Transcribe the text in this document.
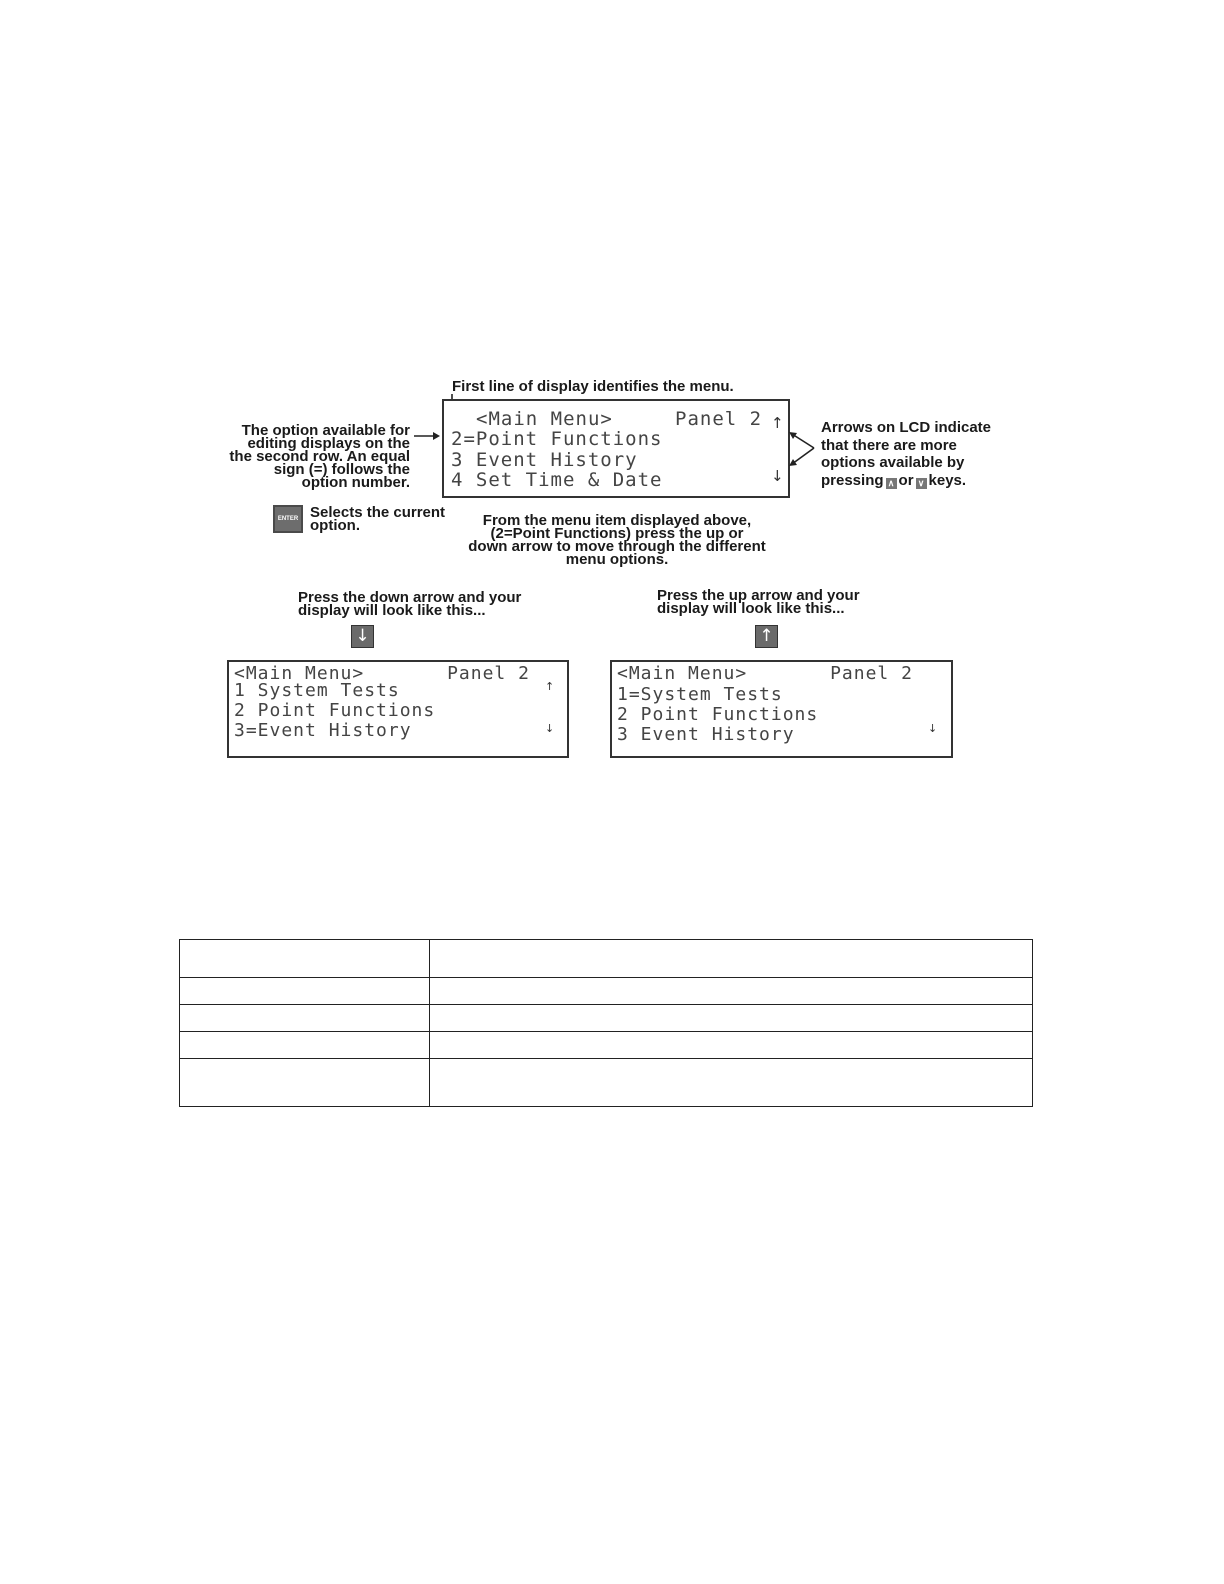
First line of display identifies the menu.
<Main Menu>     Panel 2
2=Point Functions
3 Event History
4 Set Time & Date
↑
↓
The option available for
editing displays on the
the second row. An equal
sign (=) follows the
option number.
Arrows on LCD indicate
that there are more
options available by
pressing ∧ or ∨ keys.
ENTER Selects the current
option.	From the menu item displayed above,
(2=Point Functions) press the up or
down arrow to move through the different
menu options.
Press the down arrow and your
display will look like this...
↓
<Main Menu>       Panel 2
1 System Tests
2 Point Functions
3=Event History
↑
↓
Press the up arrow and your
display will look like this...
↑
<Main Menu>       Panel 2
1=System Tests
2 Point Functions
3 Event History	↓
